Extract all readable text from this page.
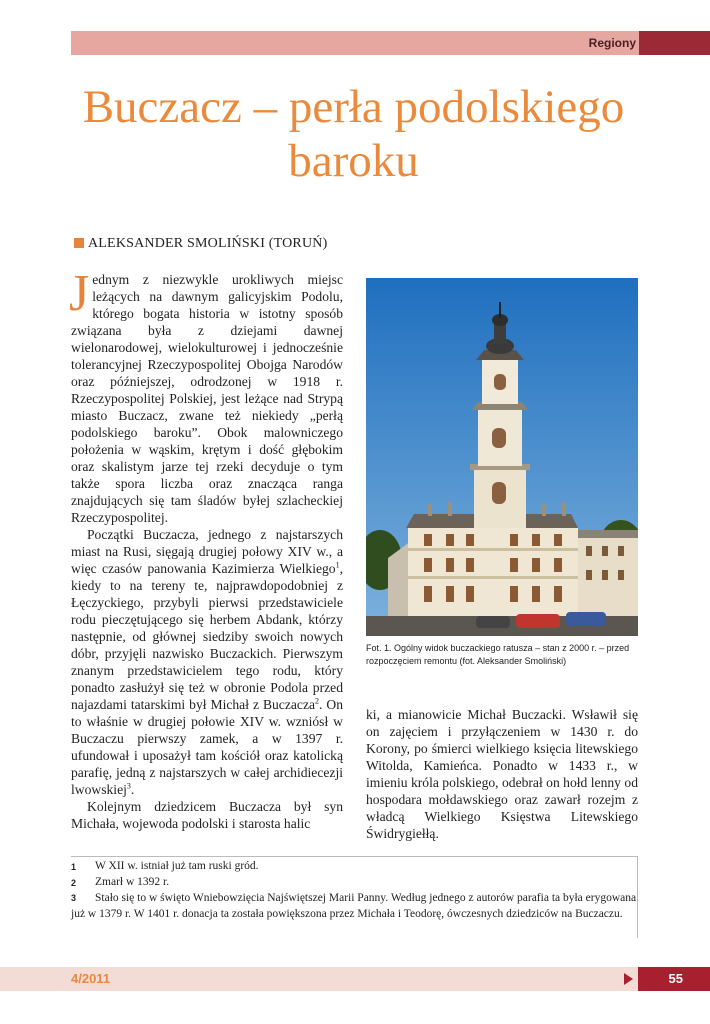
Regiony
Buczacz – perła podolskiego baroku
ALEKSANDER SMOLIŃSKI (TORUŃ)

Jednym z niezwykle urokliwych miejsc leżących na dawnym galicyjskim Podolu, którego bogata historia w istotny sposób związana była z dziejami dawnej wielonarodowej, wielokulturowej i jednocześnie tolerancyjnej Rzeczypospolitej Obojga Narodów oraz późniejszej, odrodzonej w 1918 r. Rzeczypospolitej Polskiej, jest leżące nad Strypą miasto Buczacz, zwane też niekiedy „perłą podolskiego baroku”. Obok malowniczego położenia w wąskim, krętym i dość głębokim oraz skalistym jarze tej rzeki decyduje o tym także spora liczba oraz znacząca ranga znajdujących się tam śladów byłej szlacheckiej Rzeczypospolitej.

Początki Buczacza, jednego z najstarszych miast na Rusi, sięgają drugiej połowy XIV w., a więc czasów panowania Kazimierza Wielkiego$^1$, kiedy to na tereny te, najprawdopodobniej z Łęczyckiego, przybyli pierwsi przedstawiciele rodu pieczętującego się herbem Abdank, którzy następnie, od głównej siedziby swoich nowych dóbr, przyjęli nazwisko Buczackich. Pierwszym znanym przedstawicielem tego rodu, który ponadto zasłużył się też w obronie Podola przed najazdami tatarskimi był Michał z Buczacza$^2$. On to właśnie w drugiej połowie XIV w. wzniósł w Buczaczu pierwszy zamek, a w 1397 r. ufundował i uposażył tam kościół oraz katolicką parafię, jedną z najstarszych w całej archidiecezji lwowskiej$^3$.

Kolejnym dziedzicem Buczacza był syn Michała, wojewoda podolski i starosta halic

Fot. 1. Ogólny widok buczackiego ratusza – stan z 2000 r. – przed rozpoczęciem remontu (fot. Aleksander Smoliński)

ki, a mianowicie Michał Buczacki. Wsławił się on zajęciem i przyłączeniem w 1430 r. do Korony, po śmierci wielkiego księcia litewskiego Witolda, Kamieńca. Ponadto w 1433 r., w imieniu króla polskiego, odebrał on hołd lenny od hospodara mołdawskiego oraz zawarł rozejm z władcą Wielkiego Księstwa Litewskiego Świdrygiełłą.

1 W XII w. istniał już tam ruski gród.
2 Zmarł w 1392 r.
3 Stało się to w święto Wniebowzięcia Najświętszej Marii Panny. Według jednego z autorów parafia ta była erygowana już w 1379 r. W 1401 r. donacja ta została powiększona przez Michała i Teodorę, ówczesnych dziedziców na Buczaczu.
4/2011	55
